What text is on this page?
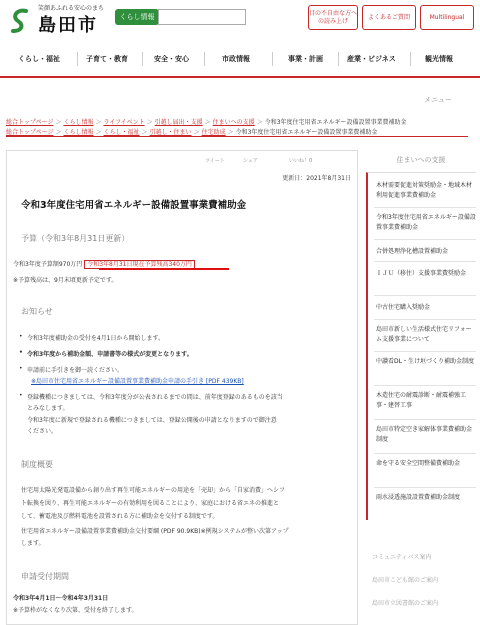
笑顔あふれる安心のまち
島田市	くらし情報	目の不自由な方への読み上げ
よくあるご質問	Multilingual
くらし・福祉	子育て・教育	安全・安心	市政情報	事業・計画	産業・ビジネス	観光情報
メニュー
総合トップページ ＞ くらし情報 ＞ ライフイベント ＞ 引越し届出・支援 ＞ 住まいへの支援 ＞ 令和3年度住宅用省エネルギー設備設置事業費補助金
総合トップページ ＞ くらし情報 ＞ くらし・福祉 ＞ 引越し・住まい ＞ 住宅助成 ＞ 令和3年度住宅用省エネルギー設備設置事業費補助金
ツイート	シェア	いいね！0
更新日：2021年8月31日
令和3年度住宅用省エネルギー設備設置事業費補助金
予算（令和3年8月31日更新）
令和3年度予算額970万円 令和3年8月31日現在予算残高340万円
※予算残高は、9月末頃更新予定です。
お知らせ
• 令和3年度補助金の受付を4月1日から開始します。
• 令和3年度から補助金額、申請書等の様式が変更となります。
• 申請前に手引きを御一読ください。
※島田市住宅用省エネルギー設備設置事業費補助金申請の手引き [PDF 439KB]
• 登録機種につきましては、令和3年度分が公表されるまでの間は、前年度登録のあるものを該当
とみなします。
令和3年度に新規で登録される機種につきましては、登録公開後の申請となりますので御注意
ください。
制度概要
住宅用太陽光発電設備から創り出す再生可能エネルギーの用途を「売却」から「自家消費」へシフ
ト転換を図り、再生可能エネルギーの有効利用を図ることにより、家庭における省エネの推進と
して、蓄電池及び燃料電池を設置される方に補助金を交付する制度です。
住宅用省エネルギー設備設置事業費補助金交付要綱 (PDF 90.9KB)※例規システムが整い次第アップ
します。
申請受付期間
令和3年4月1日～令和4年3月31日
※予算枠がなくなり次第、受付を終了します。
住まいへの支援
木材需要促進対策奨励金・地域木材利用促進事業費補助金
令和3年度住宅用省エネルギー設備設置事業費補助金
合併処理浄化槽設置補助金
ＩＪＵ（移住）支援事業費奨励金
中古住宅購入奨励金
島田市新しい生活様式住宅リフォーム支援事業について
中讃看DL・生け垣づくり補助金制度
木造住宅の耐震診断・耐震補強工事・建替工事
島田市特定空き家解体事業費補助金制度
命を守る安全空間整備費補助金
雨水浸透施設設置費補助金制度
コミュニティバス案内
島田市こども館のご案内
島田市立図書館のご案内
